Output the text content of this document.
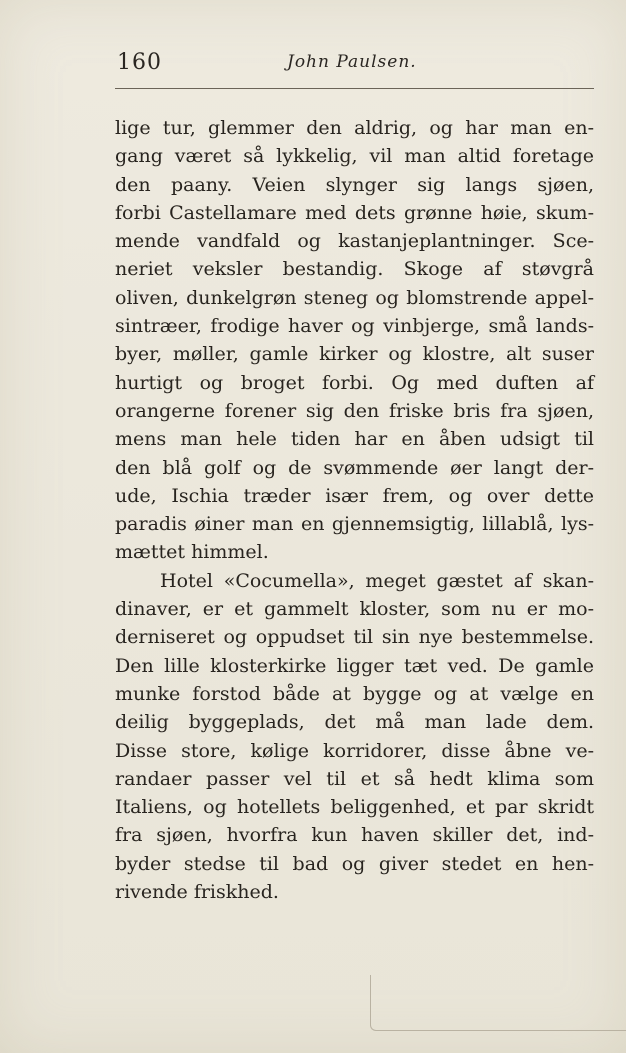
160	John Paulsen.
lige tur, glemmer den aldrig, og har man en-
gang været så lykkelig, vil man altid foretage
den paany. Veien slynger sig langs sjøen,
forbi Castellamare med dets grønne høie, skum-
mende vandfald og kastanjeplantninger. Sce-
neriet veksler bestandig. Skoge af støvgrå
oliven, dunkelgrøn steneg og blomstrende appel-
sintræer, frodige haver og vinbjerge, små lands-
byer, møller, gamle kirker og klostre, alt suser
hurtigt og broget forbi. Og med duften af
orangerne forener sig den friske bris fra sjøen,
mens man hele tiden har en åben udsigt til
den blå golf og de svømmende øer langt der-
ude, Ischia træder især frem, og over dette
paradis øiner man en gjennemsigtig, lillablå, lys-
mættet himmel.
Hotel «Cocumella», meget gæstet af skan-
dinaver, er et gammelt kloster, som nu er mo-
derniseret og oppudset til sin nye bestemmelse.
Den lille klosterkirke ligger tæt ved. De gamle
munke forstod både at bygge og at vælge en
deilig byggeplads, det må man lade dem.
Disse store, kølige korridorer, disse åbne ve-
randaer passer vel til et så hedt klima som
Italiens, og hotellets beliggenhed, et par skridt
fra sjøen, hvorfra kun haven skiller det, ind-
byder stedse til bad og giver stedet en hen-
rivende friskhed.
